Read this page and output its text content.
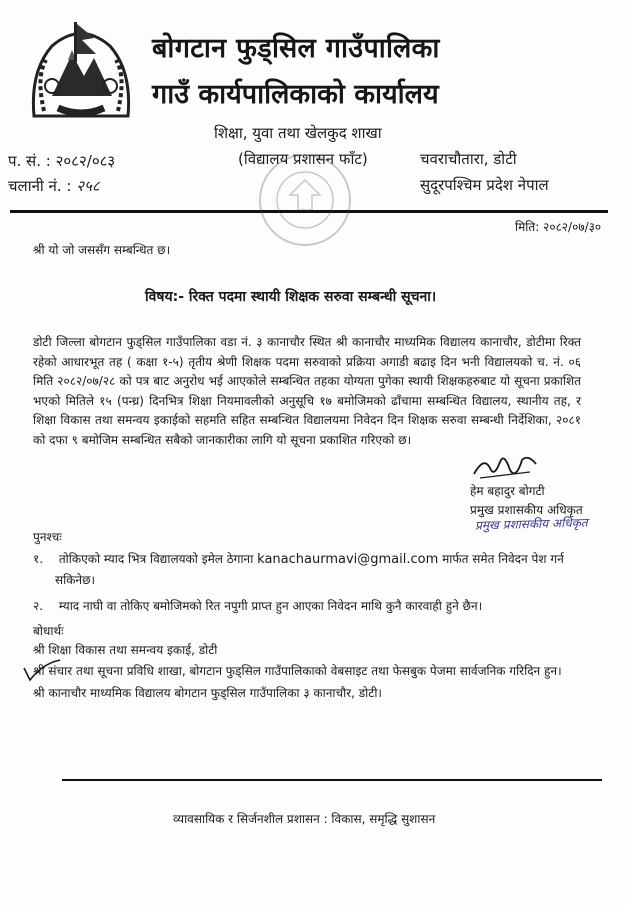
बोगटान फुड्सिल गाउँपालिका
गाउँ कार्यपालिकाको कार्यालय
शिक्षा, युवा तथा खेलकुद शाखा
(विद्यालय प्रशासन फाँट)
प. सं. : २०८२/०८३
चलानी नं. : २५८
चवराचौतारा, डोटी
सुदूरपश्चिम प्रदेश नेपाल
मिति: २०८२/०७/३०
श्री यो जो जससँग सम्बन्धित छ।
विषय:- रिक्त पदमा स्थायी शिक्षक सरुवा सम्बन्धी सूचना।
डोटी जिल्ला बोगटान फुड्सिल गाउँपालिका वडा नं. ३ कानाचौर स्थित श्री कानाचौर माध्यमिक विद्यालय कानाचौर, डोटीमा रिक्त रहेको आधारभूत तह ( कक्षा १-५) तृतीय श्रेणी शिक्षक पदमा सरुवाको प्रक्रिया अगाडी बढाइ दिन भनी विद्यालयको च. नं. ०६ मिति २०८२/०७/२८ को पत्र बाट अनुरोध भई आएकोले सम्बन्धित तहका योग्यता पुगेका स्थायी शिक्षकहरुबाट यो सूचना प्रकाशित भएको मितिले १५ (पन्ध्र) दिनभित्र शिक्षा नियमावलीको अनुसूचि १७ बमोजिमको ढाँचामा सम्बन्धित विद्यालय, स्थानीय तह, र शिक्षा विकास तथा समन्वय इकाईको सहमति सहित सम्बन्धित विद्यालयमा निवेदन दिन शिक्षक सरुवा सम्बन्धी निर्देशिका, २०८१ को दफा ९ बमोजिम सम्बन्धित सबैको जानकारीका लागि यो सूचना प्रकाशित गरिएको छ।
हेम बहादुर बोगटी
प्रमुख प्रशासकीय अधिकृत
प्रमुख प्रशासकीय अधिकृत
पुनश्चः
१. तोकिएको म्याद भित्र विद्यालयको इमेल ठेगाना kanachaurmavi@gmail.com मार्फत समेत निवेदन पेश गर्न
सकिनेछ।
२. म्याद नाघी वा तोकिए बमोजिमको रित नपुगी प्राप्त हुन आएका निवेदन माथि कुनै कारवाही हुने छैन।
बोधार्थः
श्री शिक्षा विकास तथा समन्वय इकाई, डोटी
श्री संचार तथा सूचना प्रविधि शाखा, बोगटान फुड्सिल गाउँपालिकाको वेबसाइट तथा फेसबुक पेजमा सार्वजनिक गरिदिन हुन।
श्री कानाचौर माध्यमिक विद्यालय बोगटान फुड्सिल गाउँपालिका ३ कानाचौर, डोटी।
व्यावसायिक र सिर्जनशील प्रशासन : विकास, समृद्धि सुशासन
